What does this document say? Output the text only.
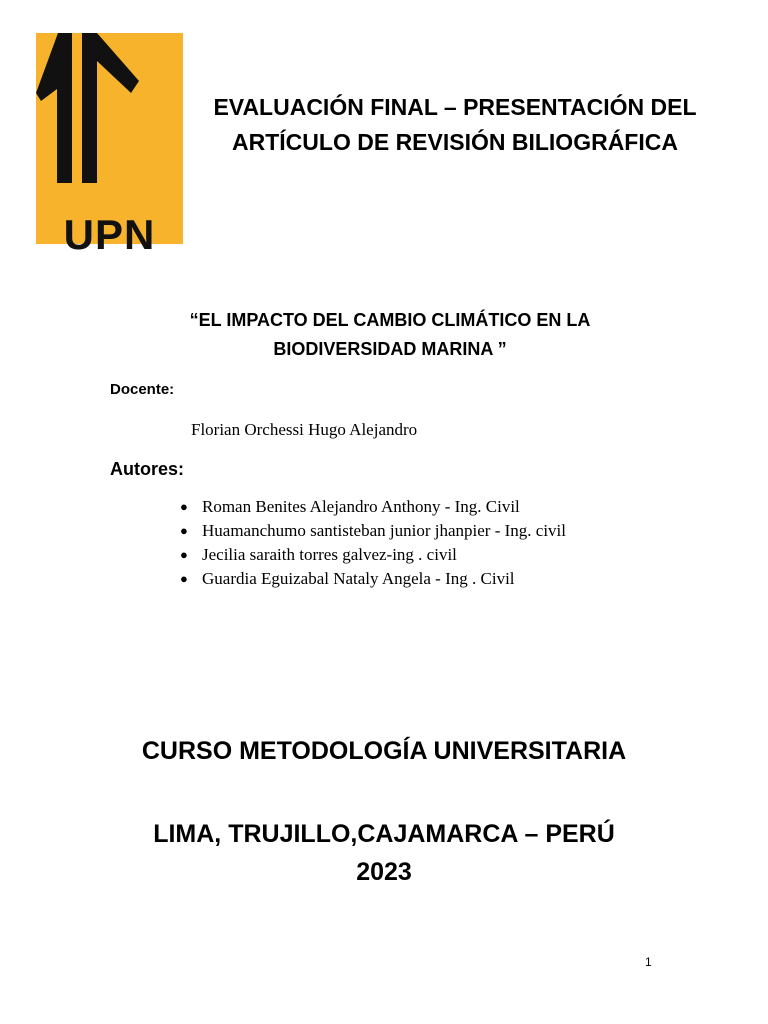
UPN
EVALUACIÓN FINAL – PRESENTACIÓN DEL
ARTÍCULO DE REVISIÓN BILIOGRÁFICA
“EL IMPACTO DEL CAMBIO CLIMÁTICO EN LA
BIODIVERSIDAD MARINA ”
Docente:
Florian Orchessi Hugo Alejandro
Autores:
● Roman Benites Alejandro Anthony - Ing. Civil
● Huamanchumo santisteban junior jhanpier - Ing. civil
● Jecilia saraith torres galvez-ing . civil
● Guardia Eguizabal Nataly Angela - Ing . Civil
CURSO METODOLOGÍA UNIVERSITARIA
LIMA, TRUJILLO,CAJAMARCA – PERÚ
2023
1
